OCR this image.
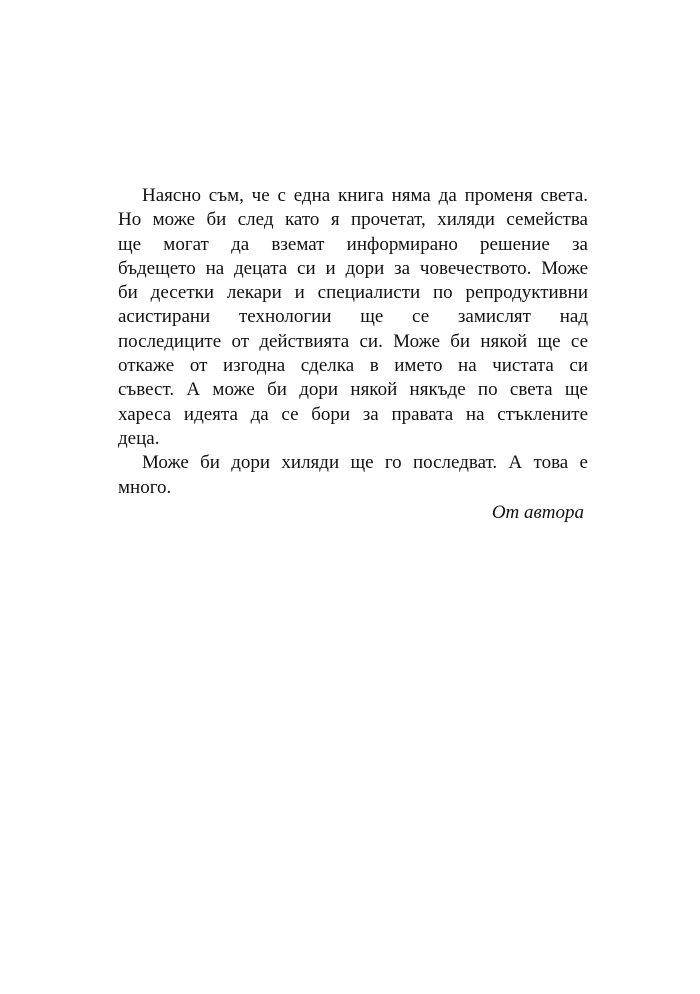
Наясно съм, че с една книга няма да променя света.
Но може би след като я прочетат, хиляди семейства
ще могат да вземат информирано решение за
бъдещето на децата си и дори за човечеството. Може
би десетки лекари и специалисти по репродуктивни
асистирани технологии ще се замислят над
последиците от действията си. Може би някой ще се
откаже от изгодна сделка в името на чистата си
съвест. А може би дори някой някъде по света ще
хареса идеята да се бори за правата на стъклените
деца.
Може би дори хиляди ще го последват. А това е
много.
От автора
